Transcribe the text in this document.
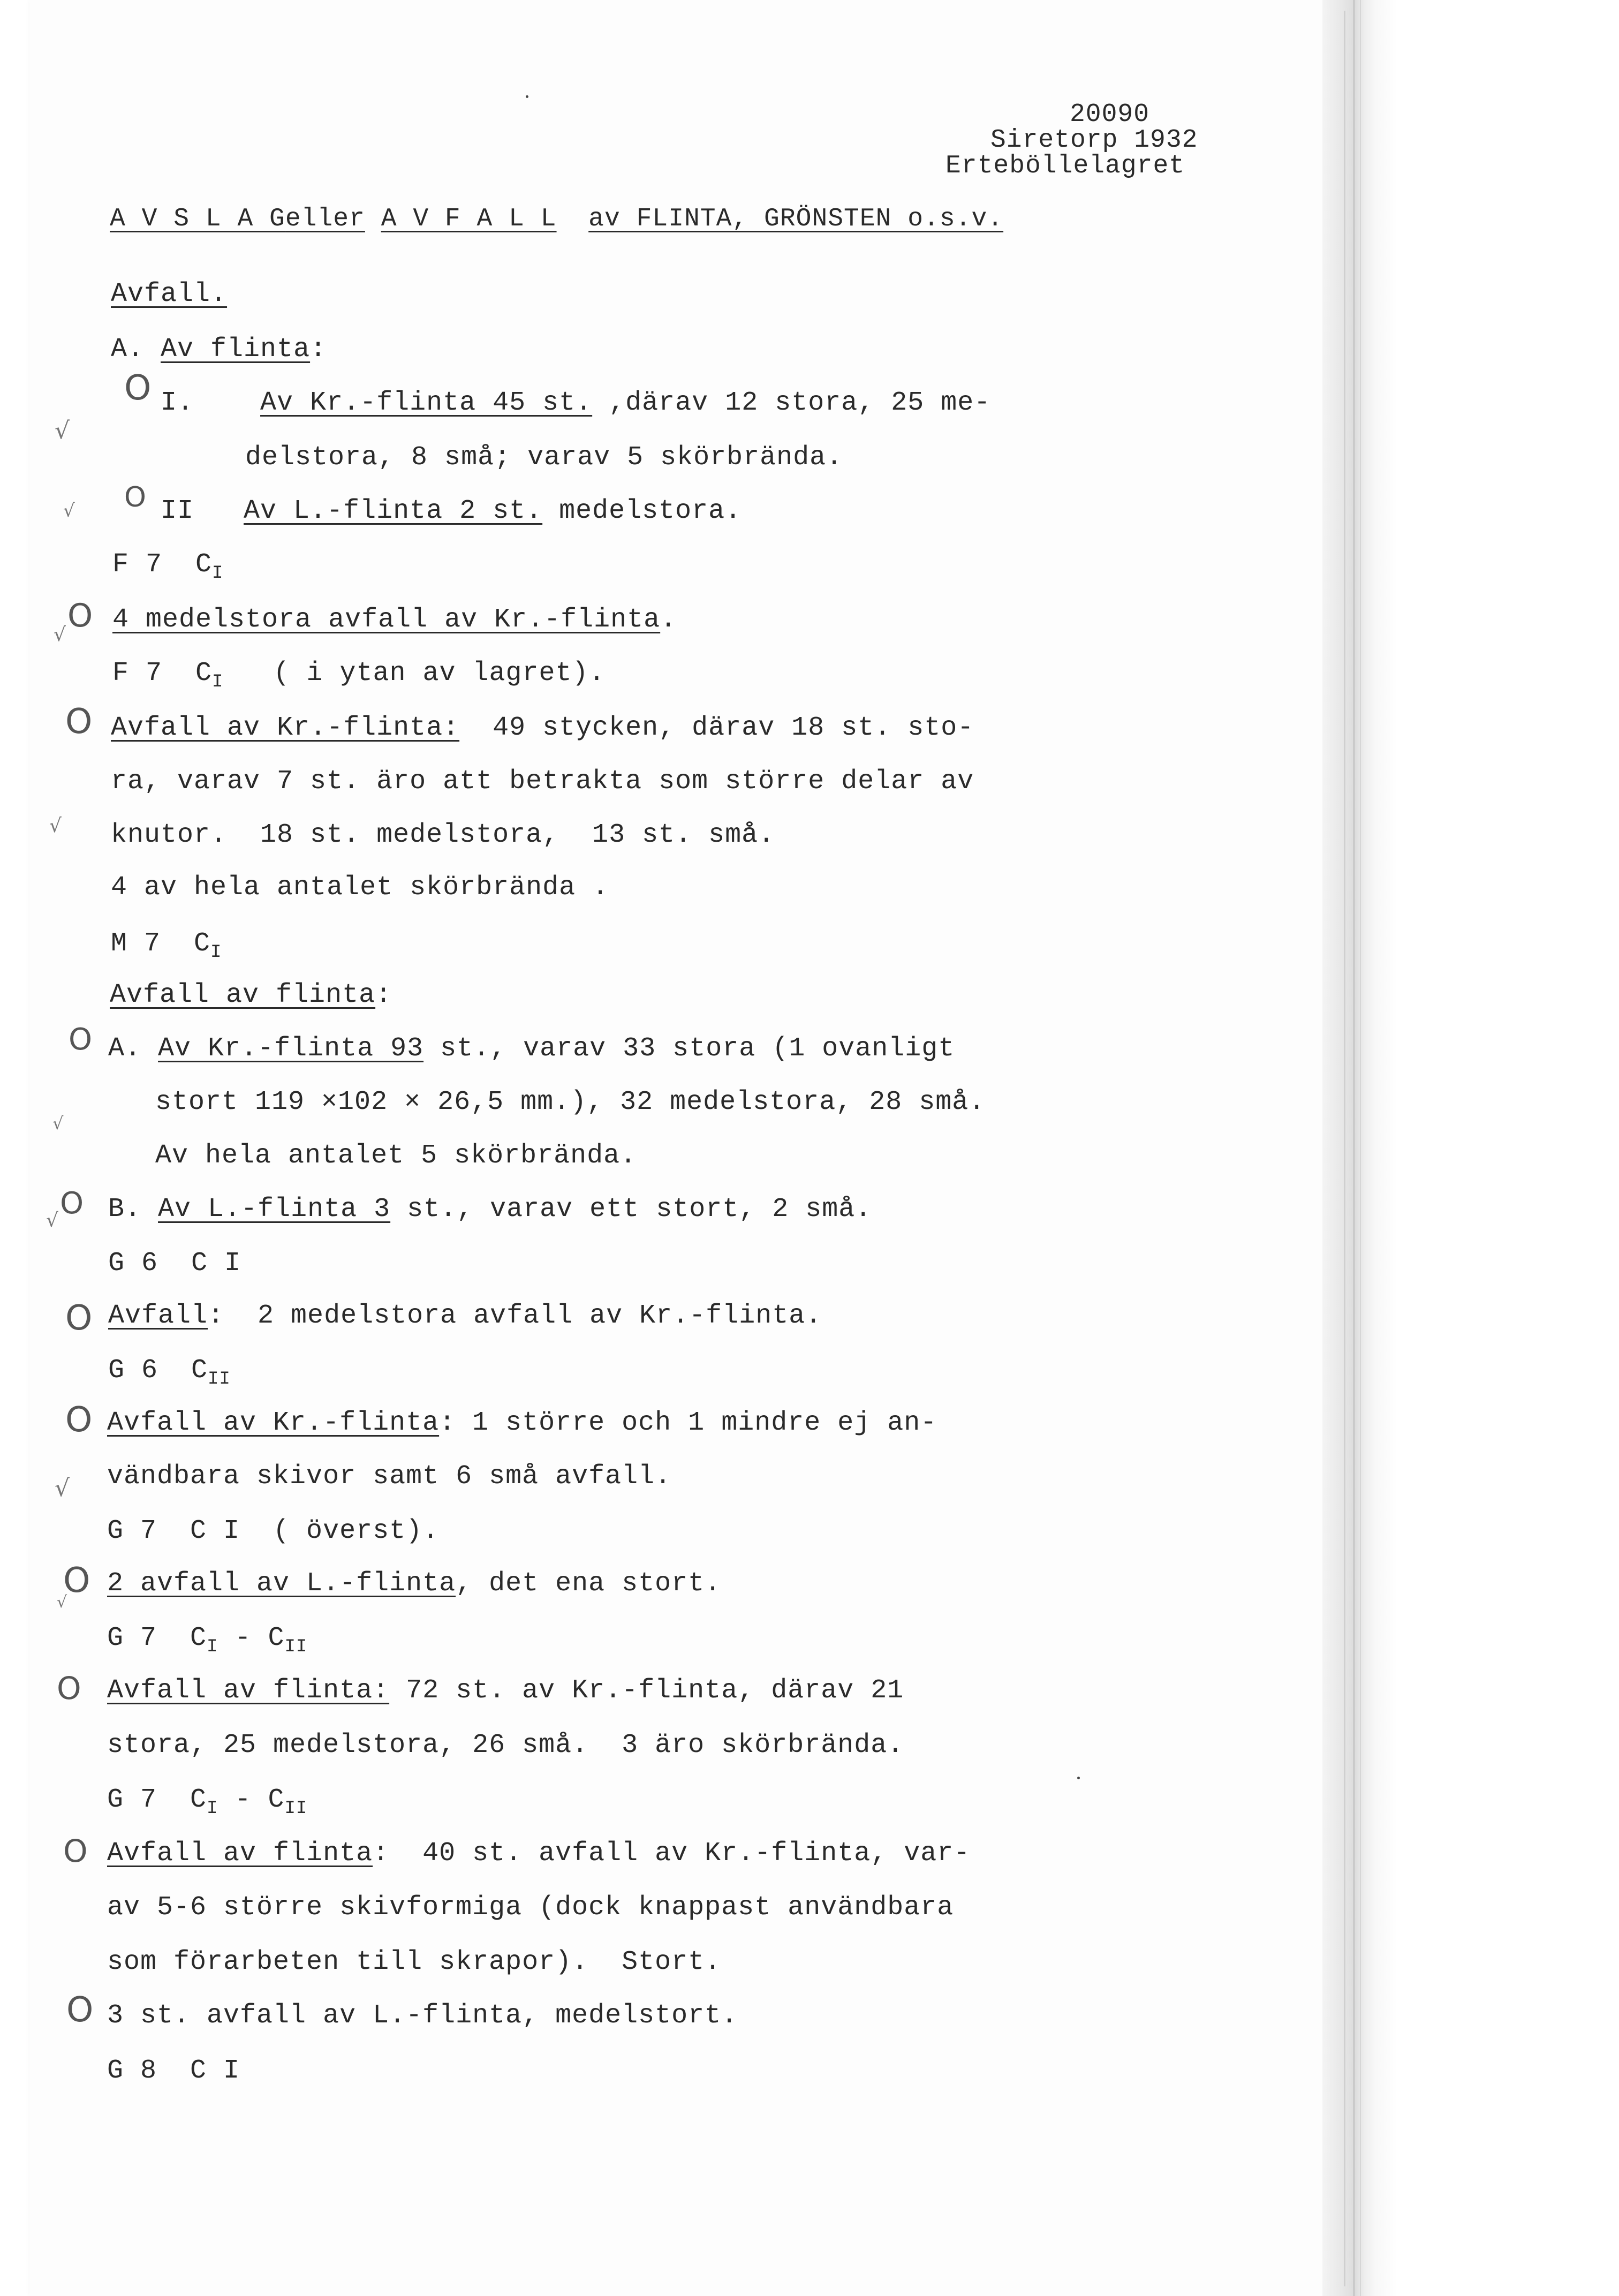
20090
Siretorp 1932
Erteböllelagret
A V S L A Geller A V F A L L av FLINTA, GRÖNSTEN o.s.v.
Avfall.
A. Av flinta:
O I. Av Kr.-flinta 45 st. ,därav 12 stora, 25 me-
√
delstora, 8 små; varav 5 skörbrända.
√ O II Av L.-flinta 2 st. medelstora.
F 7  $C_I$
√
O 4 medelstora avfall av Kr.-flinta.
F 7  $C_I$   ( i ytan av lagret).
O Avfall av Kr.-flinta:  49 stycken, därav 18 st. sto-
ra, varav 7 st. äro att betrakta som större delar av
√ knutor.  18 st. medelstora,  13 st. små.
4 av hela antalet skörbrända .
M 7  $C_I$
Avfall av flinta:
O A. Av Kr.-flinta 93 st., varav 33 stora (1 ovanligt
stort 119 ×102 × 26,5 mm.), 32 medelstora, 28 små.
√
Av hela antalet 5 skörbrända.
√ O B. Av L.-flinta 3 st., varav ett stort, 2 små.
G 6  C I
O Avfall:  2 medelstora avfall av Kr.-flinta.
G 6  $C_{II}$
O Avfall av Kr.-flinta: 1 större och 1 mindre ej an-
√ vändbara skivor samt 6 små avfall.
G 7  C I  ( överst).
O
√
2 avfall av L.-flinta, det ena stort.
G 7  $C_I - C_{II}$
O Avfall av flinta: 72 st. av Kr.-flinta, därav 21
stora, 25 medelstora, 26 små.  3 äro skörbrända.
G 7  $C_I - C_{II}$
O Avfall av flinta:  40 st. avfall av Kr.-flinta, var-
av 5-6 större skivformiga (dock knappast användbara
som förarbeten till skrapor).  Stort.
O 3 st. avfall av L.-flinta, medelstort.
G 8  C I
